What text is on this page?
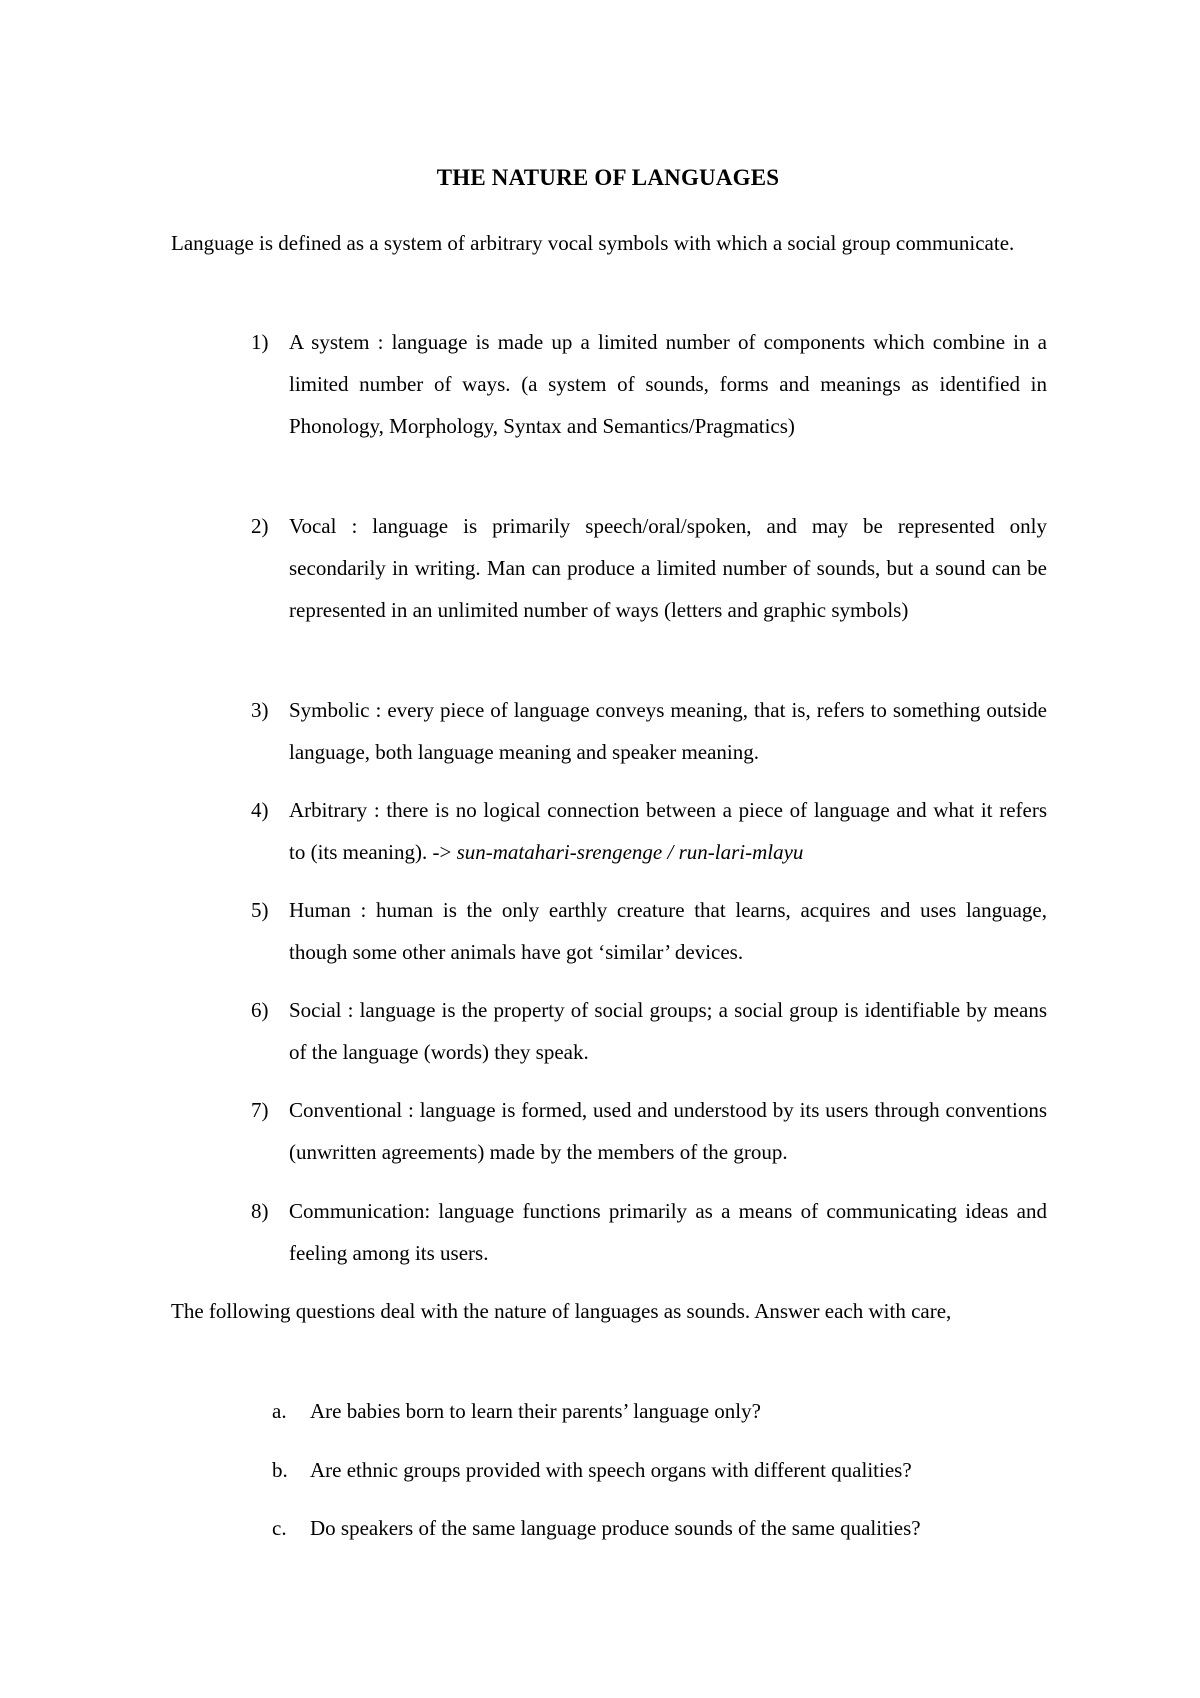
THE NATURE OF LANGUAGES
Language is defined as a system of arbitrary vocal symbols with which a social group communicate.
1) A system : language is made up a limited number of components which combine in a limited number of ways. (a system of sounds, forms and meanings as identified in Phonology, Morphology, Syntax and Semantics/Pragmatics)
2) Vocal : language is primarily speech/oral/spoken, and may be represented only secondarily in writing. Man can produce a limited number of sounds, but a sound can be represented in an unlimited number of ways (letters and graphic symbols)
3) Symbolic : every piece of language conveys meaning, that is, refers to something outside language, both language meaning and speaker meaning.
4) Arbitrary : there is no logical connection between a piece of language and what it refers to (its meaning). -> sun-matahari-srengenge / run-lari-mlayu
5) Human : human is the only earthly creature that learns, acquires and uses language, though some other animals have got ‘similar’ devices.
6) Social : language is the property of social groups; a social group is identifiable by means of the language (words) they speak.
7) Conventional : language is formed, used and understood by its users through conventions (unwritten agreements) made by the members of the group.
8) Communication: language functions primarily as a means of communicating ideas and feeling among its users.
The following questions deal with the nature of languages as sounds. Answer each with care,
a.	Are babies born to learn their parents’ language only?
b.	Are ethnic groups provided with speech organs with different qualities?
c.	Do speakers of the same language produce sounds of the same qualities?
